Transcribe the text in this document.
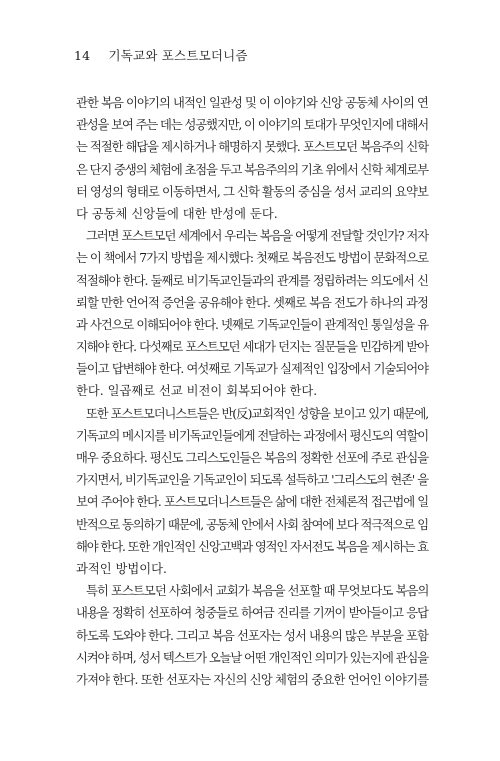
14 기독교와 포스트모더니즘
관한 복음 이야기의 내적인 일관성 및 이 이야기와 신앙 공동체 사이의 연
관성을 보여 주는 데는 성공했지만, 이 이야기의 토대가 무엇인지에 대해서
는 적절한 해답을 제시하거나 해명하지 못했다. 포스트모던 복음주의 신학
은 단지 중생의 체험에 초점을 두고 복음주의의 기초 위에서 신학 체계로부
터 영성의 형태로 이동하면서, 그 신학 활동의 중심을 성서 교리의 요약보
다 공동체 신앙들에 대한 반성에 둔다.
그러면 포스트모던 세계에서 우리는 복음을 어떻게 전달할 것인가? 저자
는 이 책에서 7가지 방법을 제시했다: 첫째로 복음전도 방법이 문화적으로
적절해야 한다. 둘째로 비기독교인들과의 관계를 정립하려는 의도에서 신
뢰할 만한 언어적 증언을 공유해야 한다. 셋째로 복음 전도가 하나의 과정
과 사건으로 이해되어야 한다. 넷째로 기독교인들이 관계적인 통일성을 유
지해야 한다. 다섯째로 포스트모던 세대가 던지는 질문들을 민감하게 받아
들이고 답변해야 한다. 여섯째로 기독교가 실제적인 입장에서 기술되어야
한다. 일곱째로 선교 비전이 회복되어야 한다.
또한 포스트모더니스트들은 반(反)교회적인 성향을 보이고 있기 때문에,
기독교의 메시지를 비기독교인들에게 전달하는 과정에서 평신도의 역할이
매우 중요하다. 평신도 그리스도인들은 복음의 정확한 선포에 주로 관심을
가지면서, 비기독교인을 기독교인이 되도록 설득하고 '그리스도의 현존' 을
보여 주어야 한다. 포스트모더니스트들은 삶에 대한 전체론적 접근법에 일
반적으로 동의하기 때문에, 공동체 안에서 사회 참여에 보다 적극적으로 임
해야 한다. 또한 개인적인 신앙고백과 영적인 자서전도 복음을 제시하는 효
과적인 방법이다.
특히 포스트모던 사회에서 교회가 복음을 선포할 때 무엇보다도 복음의
내용을 정확히 선포하여 청중들로 하여금 진리를 기꺼이 받아들이고 응답
하도록 도와야 한다. 그리고 복음 선포자는 성서 내용의 많은 부분을 포함
시켜야 하며, 성서 텍스트가 오늘날 어떤 개인적인 의미가 있는지에 관심을
가져야 한다. 또한 선포자는 자신의 신앙 체험의 중요한 언어인 이야기를
